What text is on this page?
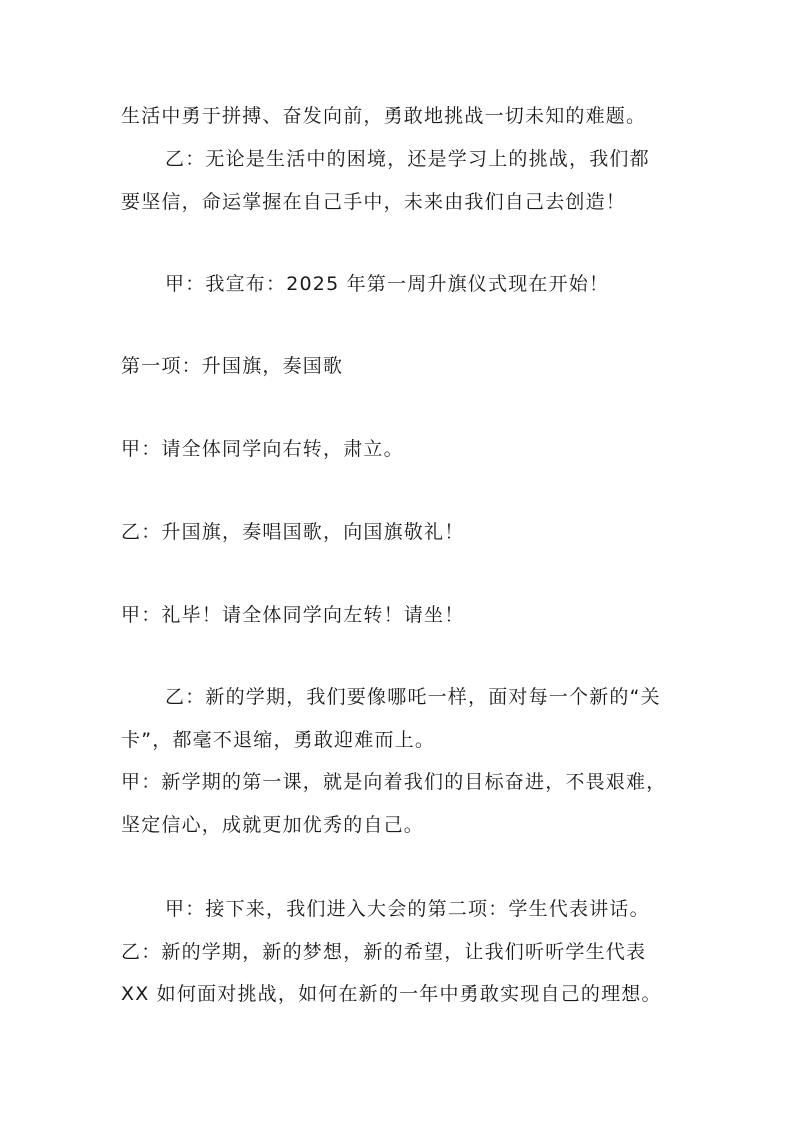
生活中勇于拼搏、奋发向前，勇敢地挑战一切未知的难题。
乙：无论是生活中的困境，还是学习上的挑战，我们都
要坚信，命运掌握在自己手中，未来由我们自己去创造！
甲：我宣布：2025 年第一周升旗仪式现在开始！
第一项：升国旗，奏国歌
甲：请全体同学向右转，肃立。
乙：升国旗，奏唱国歌，向国旗敬礼！
甲：礼毕！请全体同学向左转！请坐！
乙：新的学期，我们要像哪吒一样，面对每一个新的“关
卡”，都毫不退缩，勇敢迎难而上。
甲：新学期的第一课，就是向着我们的目标奋进，不畏艰难，
坚定信心，成就更加优秀的自己。
甲：接下来，我们进入大会的第二项：学生代表讲话。
乙：新的学期，新的梦想，新的希望，让我们听听学生代表
XX 如何面对挑战，如何在新的一年中勇敢实现自己的理想。
